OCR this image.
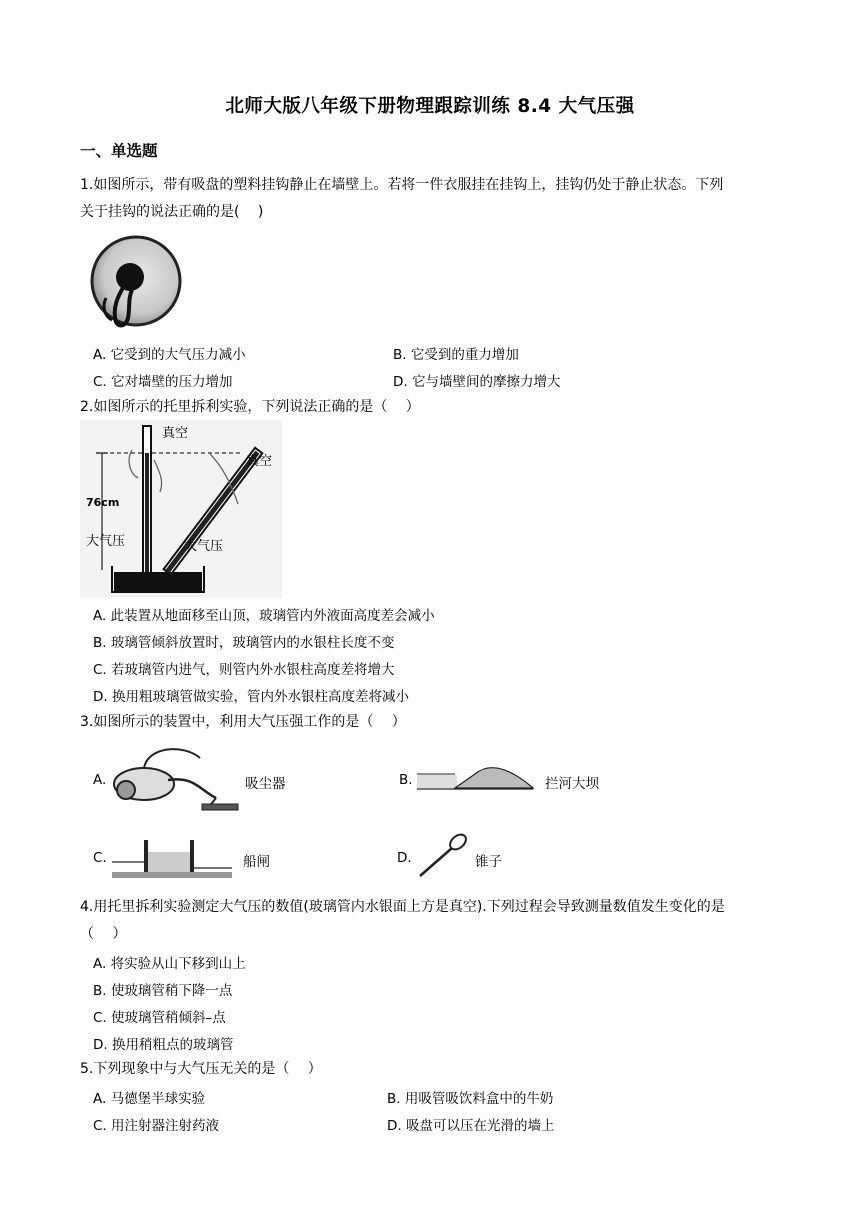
北师大版八年级下册物理跟踪训练 8.4 大气压强
一、单选题
1.如图所示，带有吸盘的塑料挂钩静止在墙壁上。若将一件衣服挂在挂钩上，挂钩仍处于静止状态。下列
关于挂钩的说法正确的是(　 )
A. 它受到的大气压力减小	B. 它受到的重力增加
C. 它对墙壁的压力增加	D. 它与墙壁间的摩擦力增大
2.如图所示的托里拆利实验，下列说法正确的是（　 ）
真空
真空
76cm
大气压	大气压
A. 此装置从地面移至山顶，玻璃管内外液面高度差会减小
B. 玻璃管倾斜放置时，玻璃管内的水银柱长度不变
C. 若玻璃管内进气，则管内外水银柱高度差将增大
D. 换用粗玻璃管做实验，管内外水银柱高度差将减小
3.如图所示的装置中，利用大气压强工作的是（　 ）
A.	吸尘器	B.	拦河大坝
C.	船闸	D.	锥子
4.用托里拆利实验测定大气压的数值(玻璃管内水银面上方是真空).下列过程会导致测量数值发生变化的是
（　 ）
A. 将实验从山下移到山上
B. 使玻璃管稍下降一点
C. 使玻璃管稍倾斜–点
D. 换用稍粗点的玻璃管
5.下列现象中与大气压无关的是（　 ）
A. 马德堡半球实验	B. 用吸管吸饮料盒中的牛奶
C. 用注射器注射药液	D. 吸盘可以压在光滑的墙上
